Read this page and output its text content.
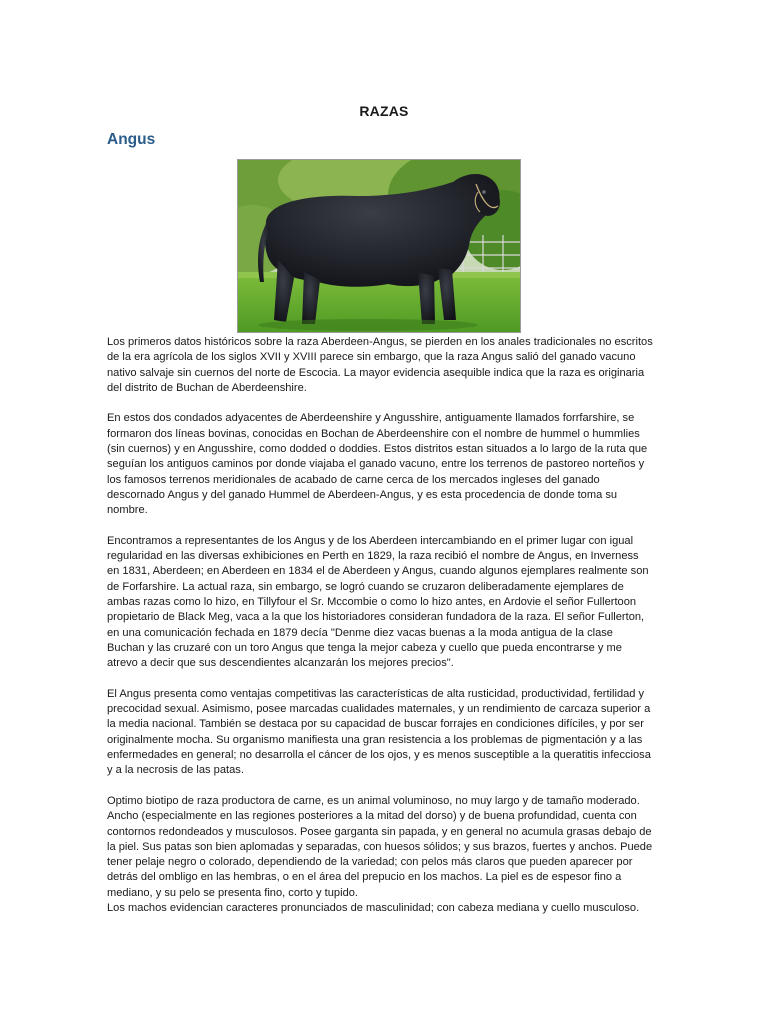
RAZAS
Angus

Los primeros datos históricos sobre la raza Aberdeen-Angus, se pierden en los anales tradicionales no escritos de la era agrícola de los siglos XVII y XVIII parece sin embargo, que la raza Angus salió del ganado vacuno nativo salvaje sin cuernos del norte de Escocia. La mayor evidencia asequible indica que la raza es originaria del distrito de Buchan de Aberdeenshire.

En estos dos condados adyacentes de Aberdeenshire y Angusshire, antiguamente llamados forrfarshire, se formaron dos líneas bovinas, conocidas en Bochan de Aberdeenshire con el nombre de hummel o hummlies (sin cuernos) y en Angusshire, como dodded o doddies. Estos distritos estan situados a lo largo de la ruta que seguían los antiguos caminos por donde viajaba el ganado vacuno, entre los terrenos de pastoreo norteños y los famosos terrenos meridionales de acabado de carne cerca de los mercados ingleses del ganado descornado Angus y del ganado Hummel de Aberdeen-Angus, y es esta procedencia de donde toma su nombre.

Encontramos a representantes de los Angus y de los Aberdeen intercambiando en el primer lugar con igual regularidad en las diversas exhibiciones en Perth en 1829, la raza recibió el nombre de Angus, en Inverness en 1831, Aberdeen; en Aberdeen en 1834 el de Aberdeen y Angus, cuando algunos ejemplares realmente son de Forfarshire. La actual raza, sin embargo, se logró cuando se cruzaron deliberadamente ejemplares de ambas razas como lo hizo, en Tillyfour el Sr. Mccombie o como lo hizo antes, en Ardovie el señor Fullertoon propietario de Black Meg, vaca a la que los historiadores consideran fundadora de la raza. El señor Fullerton, en una comunicación fechada en 1879 decía "Denme diez vacas buenas a la moda antigua de la clase Buchan y las cruzaré con un toro Angus que tenga la mejor cabeza y cuello que pueda encontrarse y me atrevo a decir que sus descendientes alcanzarán los mejores precios".

El Angus presenta como ventajas competitivas las características de alta rusticidad, productividad, fertilidad y precocidad sexual. Asimismo, posee marcadas cualidades maternales, y un rendimiento de carcaza superior a la media nacional. También se destaca por su capacidad de buscar forrajes en condiciones difíciles, y por ser originalmente mocha. Su organismo manifiesta una gran resistencia a los problemas de pigmentación y a las enfermedades en general; no desarrolla el cáncer de los ojos, y es menos susceptible a la queratitis infecciosa y a la necrosis de las patas.

Optimo biotipo de raza productora de carne, es un animal voluminoso, no muy largo y de tamaño moderado. Ancho (especialmente en las regiones posteriores a la mitad del dorso) y de buena profundidad, cuenta con contornos redondeados y musculosos. Posee garganta sin papada, y en general no acumula grasas debajo de la piel. Sus patas son bien aplomadas y separadas, con huesos sólidos; y sus brazos, fuertes y anchos. Puede tener pelaje negro o colorado, dependiendo de la variedad; con pelos más claros que pueden aparecer por detrás del ombligo en las hembras, o en el área del prepucio en los machos. La piel es de espesor fino a mediano, y su pelo se presenta fino, corto y tupido.

Los machos evidencian caracteres pronunciados de masculinidad; con cabeza mediana y cuello musculoso.
